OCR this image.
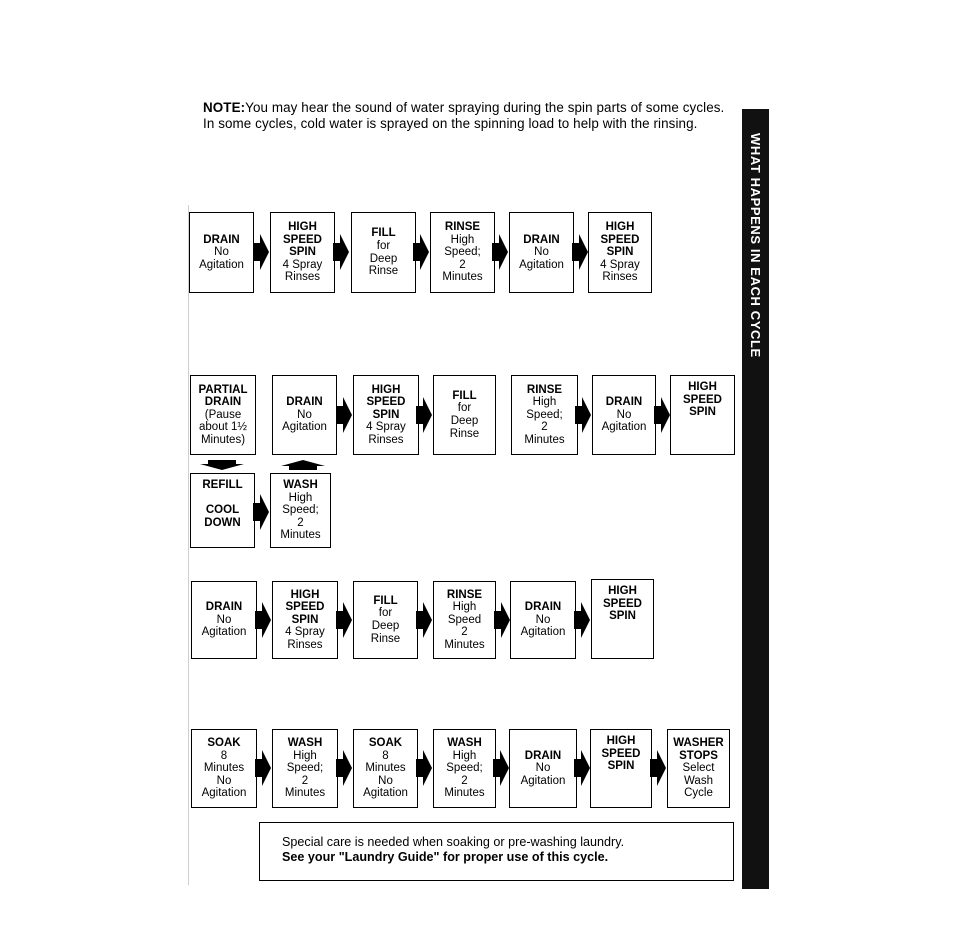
NOTE:You may hear the sound of water spraying during the spin parts of some cycles. In some cycles, cold water is sprayed on the spinning load to help with the rinsing.
WHAT HAPPENS IN EACH CYCLE
DRAIN
No
Agitation
HIGH
SPEED
SPIN
4 Spray
Rinses
FILL
for
Deep
Rinse
RINSE
High
Speed;
2
Minutes
DRAIN
No
Agitation
HIGH
SPEED
SPIN
4 Spray
Rinses
PARTIAL
DRAIN
(Pause
about 1½
Minutes)
DRAIN
No
Agitation
HIGH
SPEED
SPIN
4 Spray
Rinses
FILL
for
Deep
Rinse
RINSE
High
Speed;
2
Minutes
DRAIN
No
Agitation
HIGH
SPEED
SPIN
REFILL

COOL
DOWN
WASH
High
Speed;
2
Minutes
DRAIN
No
Agitation
HIGH
SPEED
SPIN
4 Spray
Rinses
FILL
for
Deep
Rinse
RINSE
High
Speed
2
Minutes
DRAIN
No
Agitation
HIGH
SPEED
SPIN
SOAK
8
Minutes
No
Agitation
WASH
High
Speed;
2
Minutes
SOAK
8
Minutes
No
Agitation
WASH
High
Speed;
2
Minutes
DRAIN
No
Agitation
HIGH
SPEED
SPIN
WASHER
STOPS
Select
Wash
Cycle
Special care is needed when soaking or pre-washing laundry.
See your "Laundry Guide" for proper use of this cycle.
